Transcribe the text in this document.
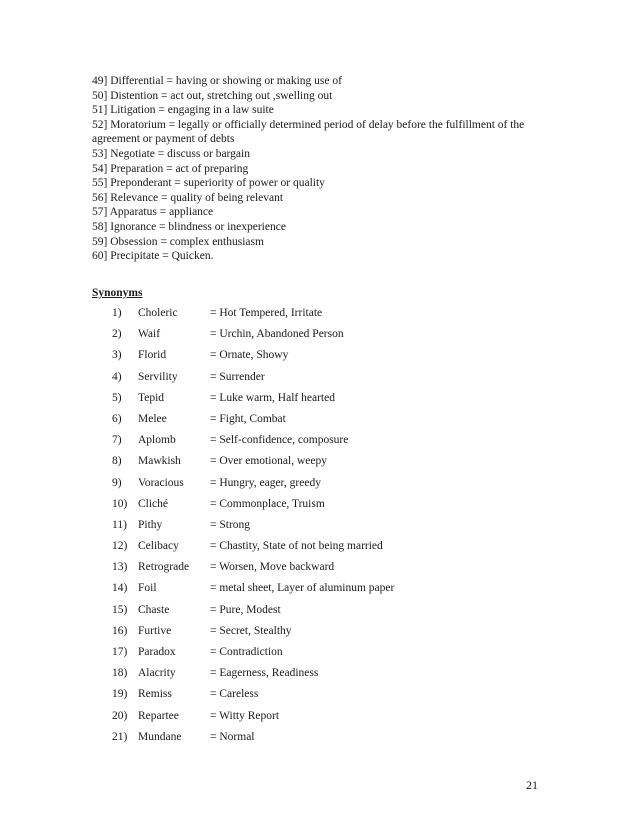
49] Differential = having or showing or making use of

50] Distention = act out, stretching out ,swelling out

51] Litigation = engaging in a law suite

52] Moratorium = legally or officially determined period of delay before the fulfillment of the agreement or payment of debts

53] Negotiate = discuss or bargain

54] Preparation = act of preparing

55] Preponderant = superiority of power or quality

56] Relevance = quality of being relevant

57] Apparatus = appliance

58] Ignorance = blindness or inexperience

59] Obsession = complex enthusiasm

60] Precipitate = Quicken.

Synonyms
1)	Choleric	= Hot Tempered, Irritate
2)	Waif	= Urchin, Abandoned Person
3)	Florid	= Ornate, Showy
4)	Servility	= Surrender
5)	Tepid	= Luke warm, Half hearted
6)	Melee	= Fight, Combat
7)	Aplomb	= Self-confidence, composure
8)	Mawkish	= Over emotional, weepy
9)	Voracious	= Hungry, eager, greedy
10) Cliché	= Commonplace, Truism
11) Pithy	= Strong
12) Celibacy	= Chastity, State of not being married
13) Retrograde	= Worsen, Move backward
14) Foil	= metal sheet, Layer of aluminum paper
15) Chaste	= Pure, Modest
16) Furtive	= Secret, Stealthy
17) Paradox	= Contradiction
18) Alacrity	= Eagerness, Readiness
19) Remiss	= Careless
20) Repartee	= Witty Report
21) Mundane	= Normal
21
